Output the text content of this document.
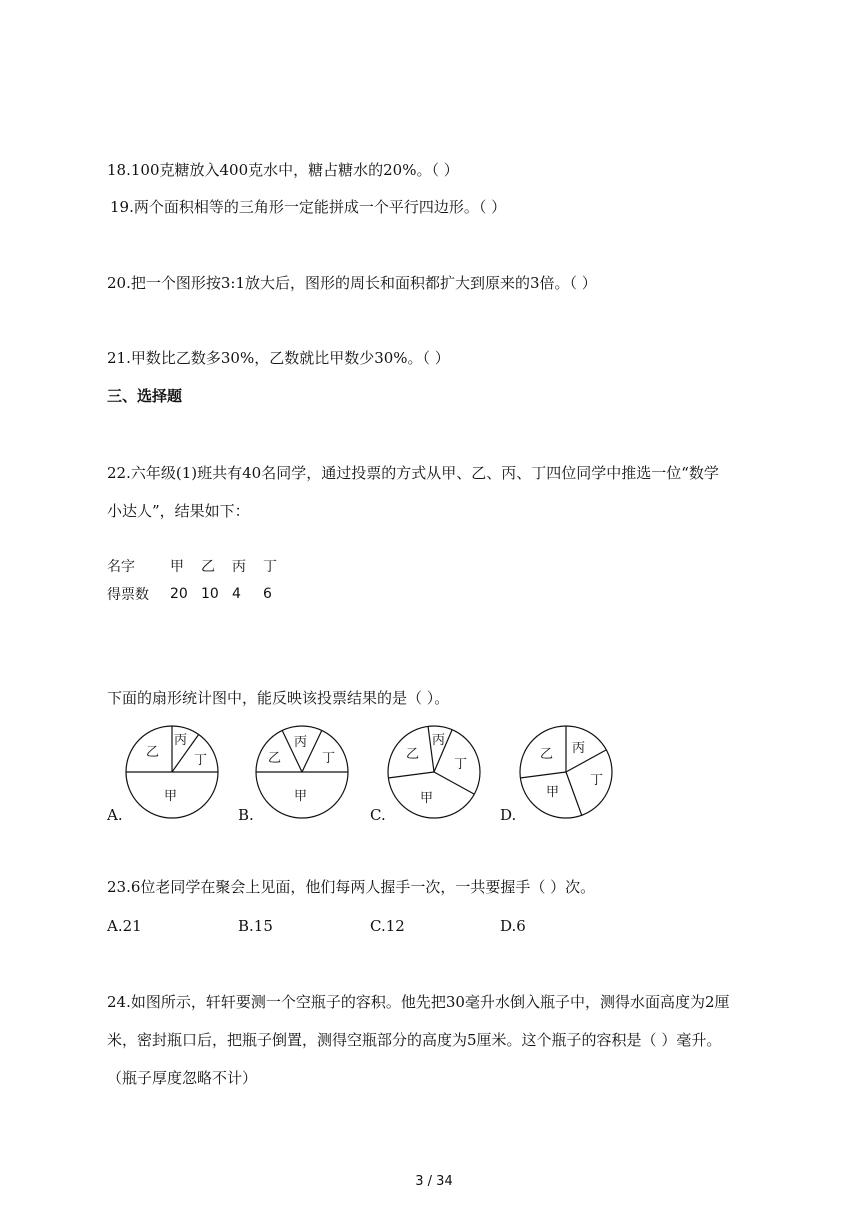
18.100克糖放入400克水中，糖占糖水的20%。（ ）
19.两个面积相等的三角形一定能拼成一个平行四边形。（ ）
20.把一个图形按3:1放大后，图形的周长和面积都扩大到原来的3倍。（ ）
21.甲数比乙数多30%，乙数就比甲数少30%。（ ）
三、选择题
22.六年级(1)班共有40名同学，通过投票的方式从甲、乙、丙、丁四位同学中推选一位“数学
小达人”，结果如下：
名字	甲	乙	丙	丁
得票数	20 10 4	6
下面的扇形统计图中，能反映该投票结果的是（ ）。
乙
丙
丁
甲
A.
乙
丙
丁
甲
B.
乙
丙
丁
甲
C.
乙 丙
丁
甲
D.
23.6位老同学在聚会上见面，他们每两人握手一次，一共要握手（ ）次。
A.21	B.15	C.12	D.6
24.如图所示，轩轩要测一个空瓶子的容积。他先把30毫升水倒入瓶子中，测得水面高度为2厘
米，密封瓶口后，把瓶子倒置，测得空瓶部分的高度为5厘米。这个瓶子的容积是（ ）毫升。
（瓶子厚度忽略不计）
3 / 34
